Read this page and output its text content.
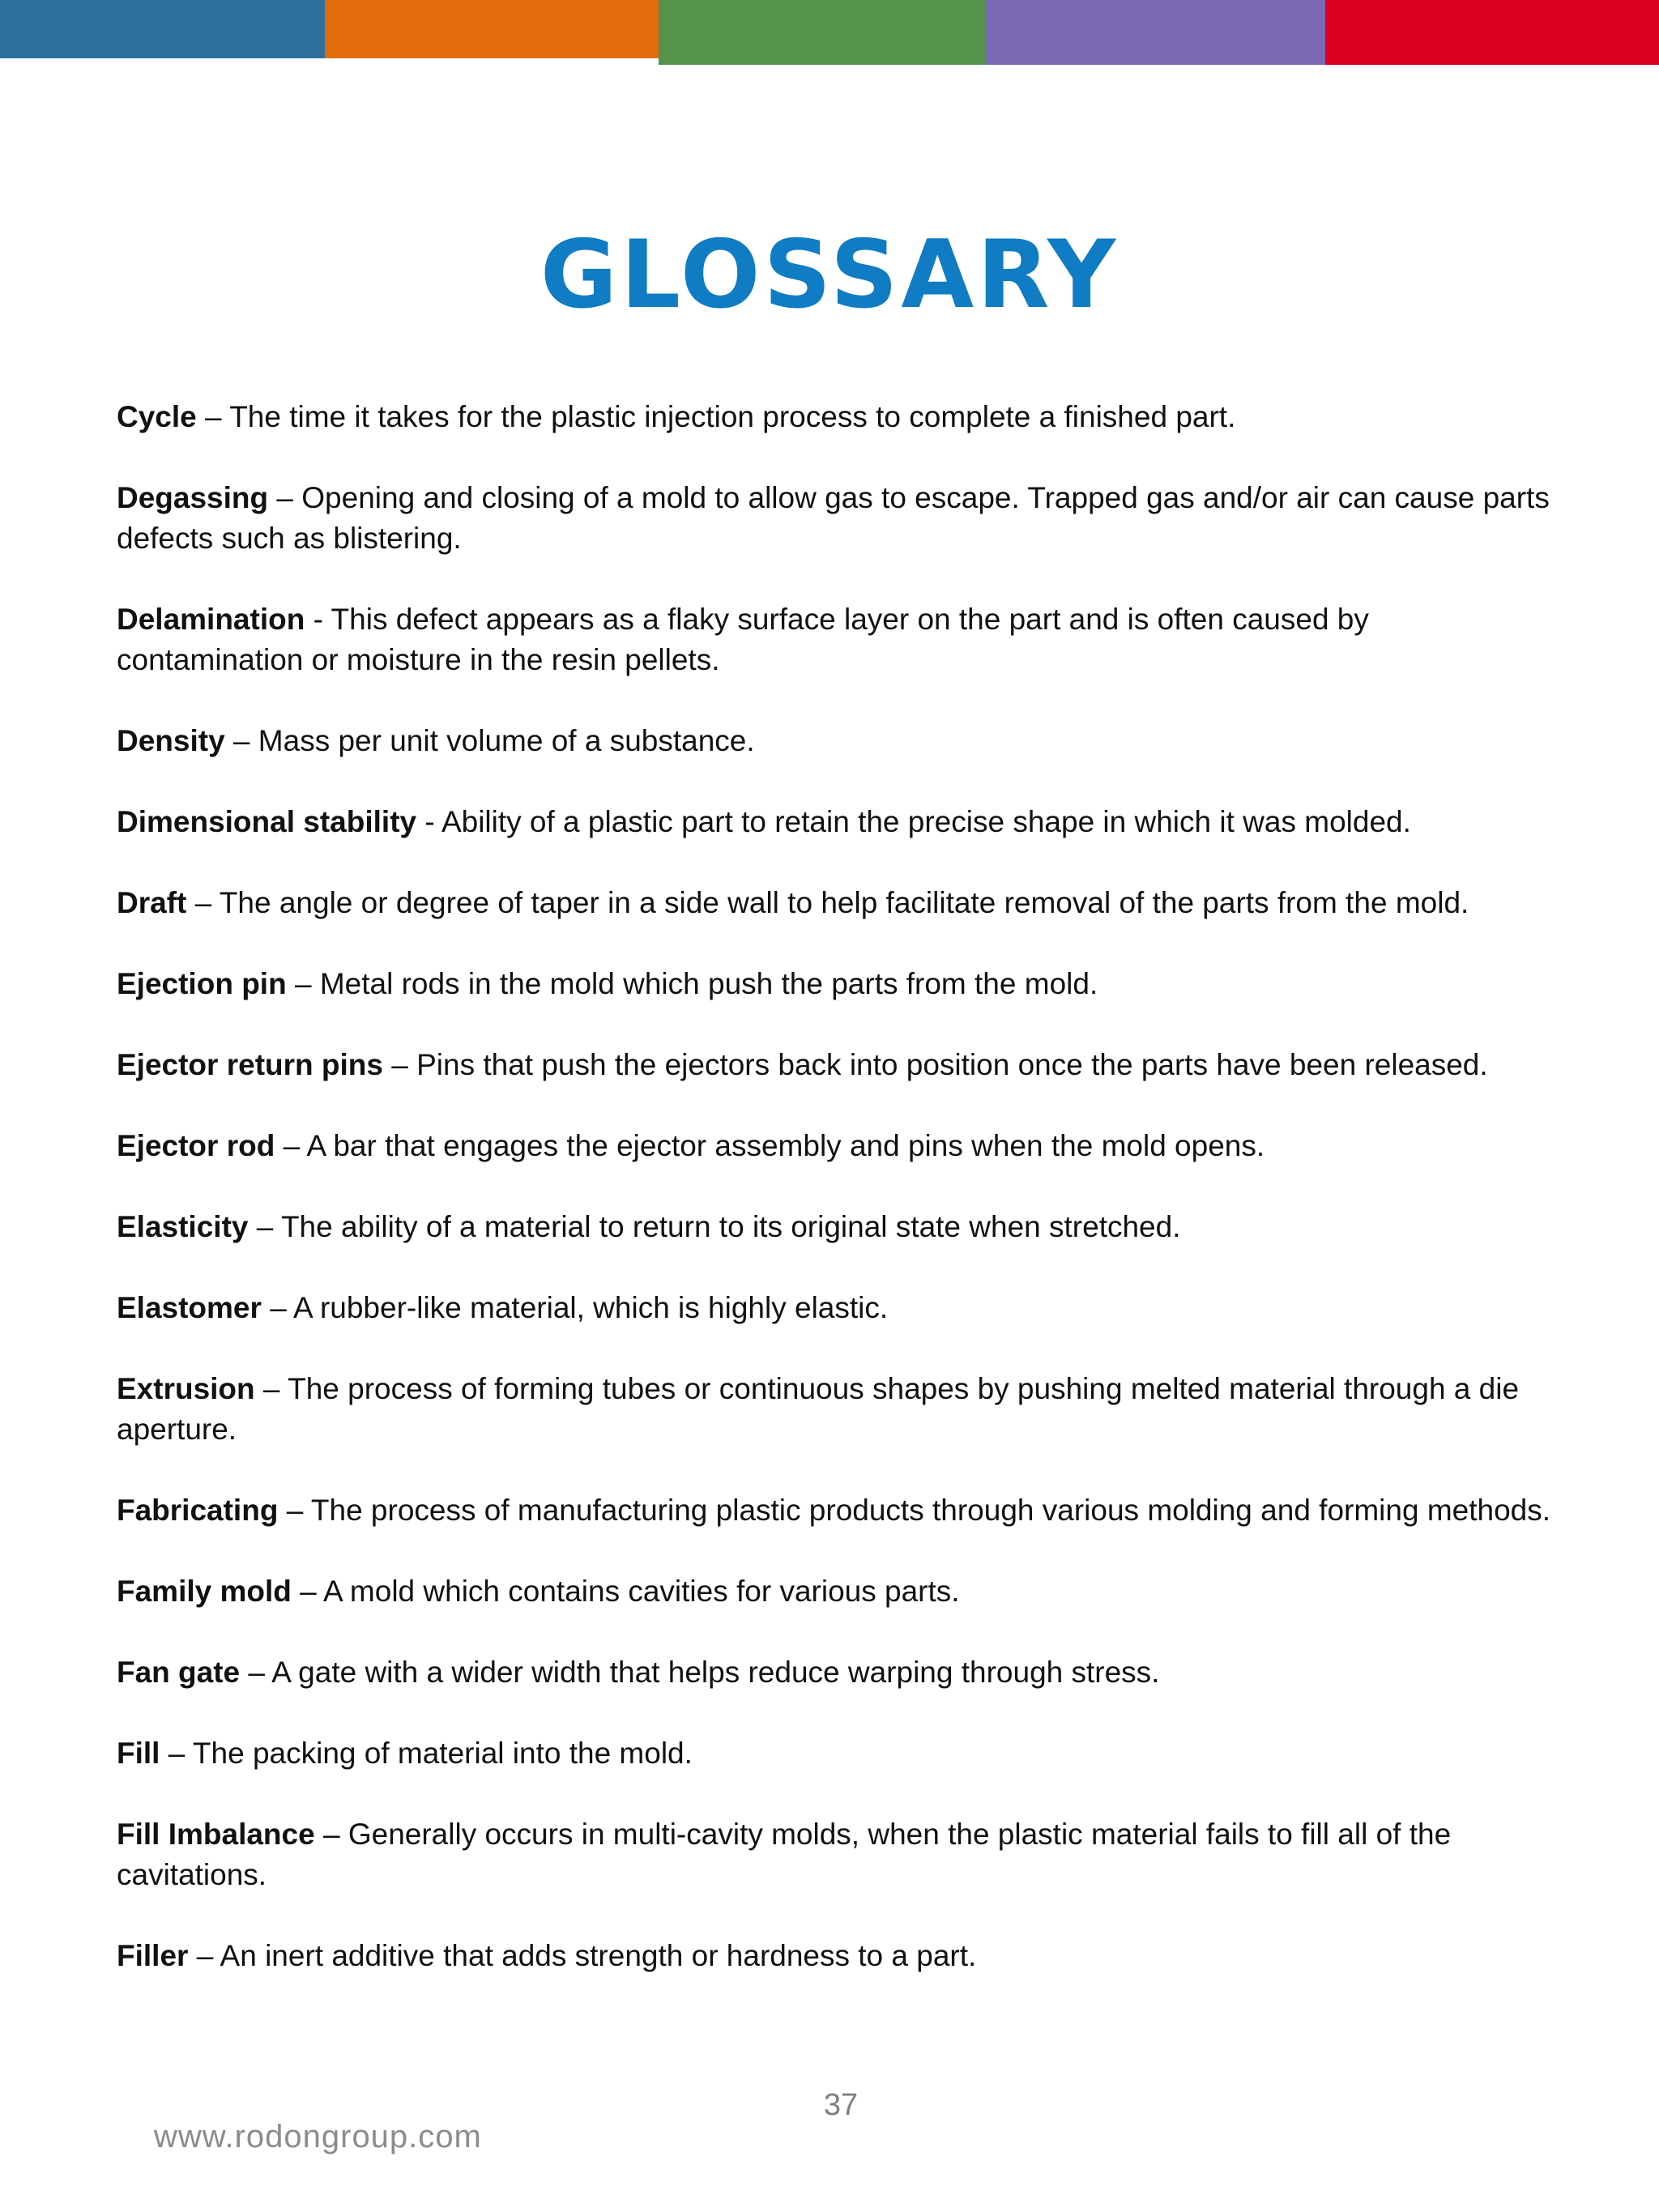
GLOSSARY

Cycle – The time it takes for the plastic injection process to complete a finished part.

Degassing – Opening and closing of a mold to allow gas to escape. Trapped gas and/or air can cause parts defects such as blistering.

Delamination - This defect appears as a flaky surface layer on the part and is often caused by contamination or moisture in the resin pellets.

Density – Mass per unit volume of a substance.

Dimensional stability - Ability of a plastic part to retain the precise shape in which it was molded.

Draft – The angle or degree of taper in a side wall to help facilitate removal of the parts from the mold.

Ejection pin – Metal rods in the mold which push the parts from the mold.

Ejector return pins – Pins that push the ejectors back into position once the parts have been released.

Ejector rod – A bar that engages the ejector assembly and pins when the mold opens.

Elasticity – The ability of a material to return to its original state when stretched.

Elastomer – A rubber-like material, which is highly elastic.

Extrusion – The process of forming tubes or continuous shapes by pushing melted material through a die aperture.

Fabricating – The process of manufacturing plastic products through various molding and forming methods.

Family mold – A mold which contains cavities for various parts.

Fan gate – A gate with a wider width that helps reduce warping through stress.

Fill – The packing of material into the mold.

Fill Imbalance – Generally occurs in multi-cavity molds, when the plastic material fails to fill all of the cavitations.

Filler – An inert additive that adds strength or hardness to a part.

37
www.rodongroup.com
